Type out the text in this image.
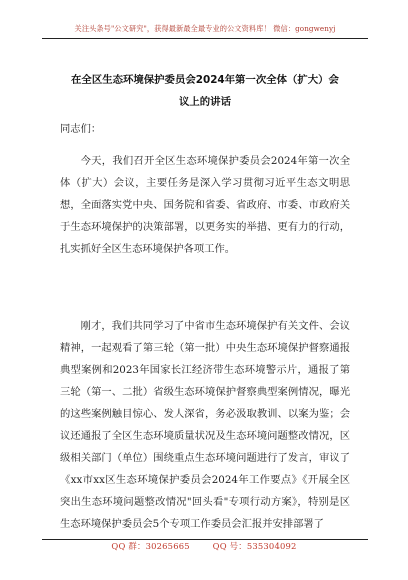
关注头条号"公文研究"，获得最新最全最专业的公文资料库！ 微信：gongwenyj
在全区生态环境保护委员会2024年第一次全体（扩大）会
议上的讲话
同志们：

今天，我们召开全区生态环境保护委员会2024年第一次全体（扩大）会议，主要任务是深入学习贯彻习近平生态文明思想，全面落实党中央、国务院和省委、省政府、市委、市政府关于生态环境保护的决策部署，以更务实的举措、更有力的行动，扎实抓好全区生态环境保护各项工作。

刚才，我们共同学习了中省市生态环境保护有关文件、会议精神，一起观看了第三轮（第一批）中央生态环境保护督察通报典型案例和2023年国家长江经济带生态环境警示片，通报了第三轮（第一、二批）省级生态环境保护督察典型案例情况，曝光的这些案例触目惊心、发人深省，务必汲取教训、以案为鉴；会议还通报了全区生态环境质量状况及生态环境问题整改情况，区级相关部门（单位）围绕重点生态环境问题进行了发言，审议了《xx市xx区生态环境保护委员会2024年工作要点》《开展全区突出生态环境问题整改情况"回头看"专项行动方案》，特别是区生态环境保护委员会5个专项工作委员会汇报并安排部署了

QQ 群：30265665	QQ 号：535304092
